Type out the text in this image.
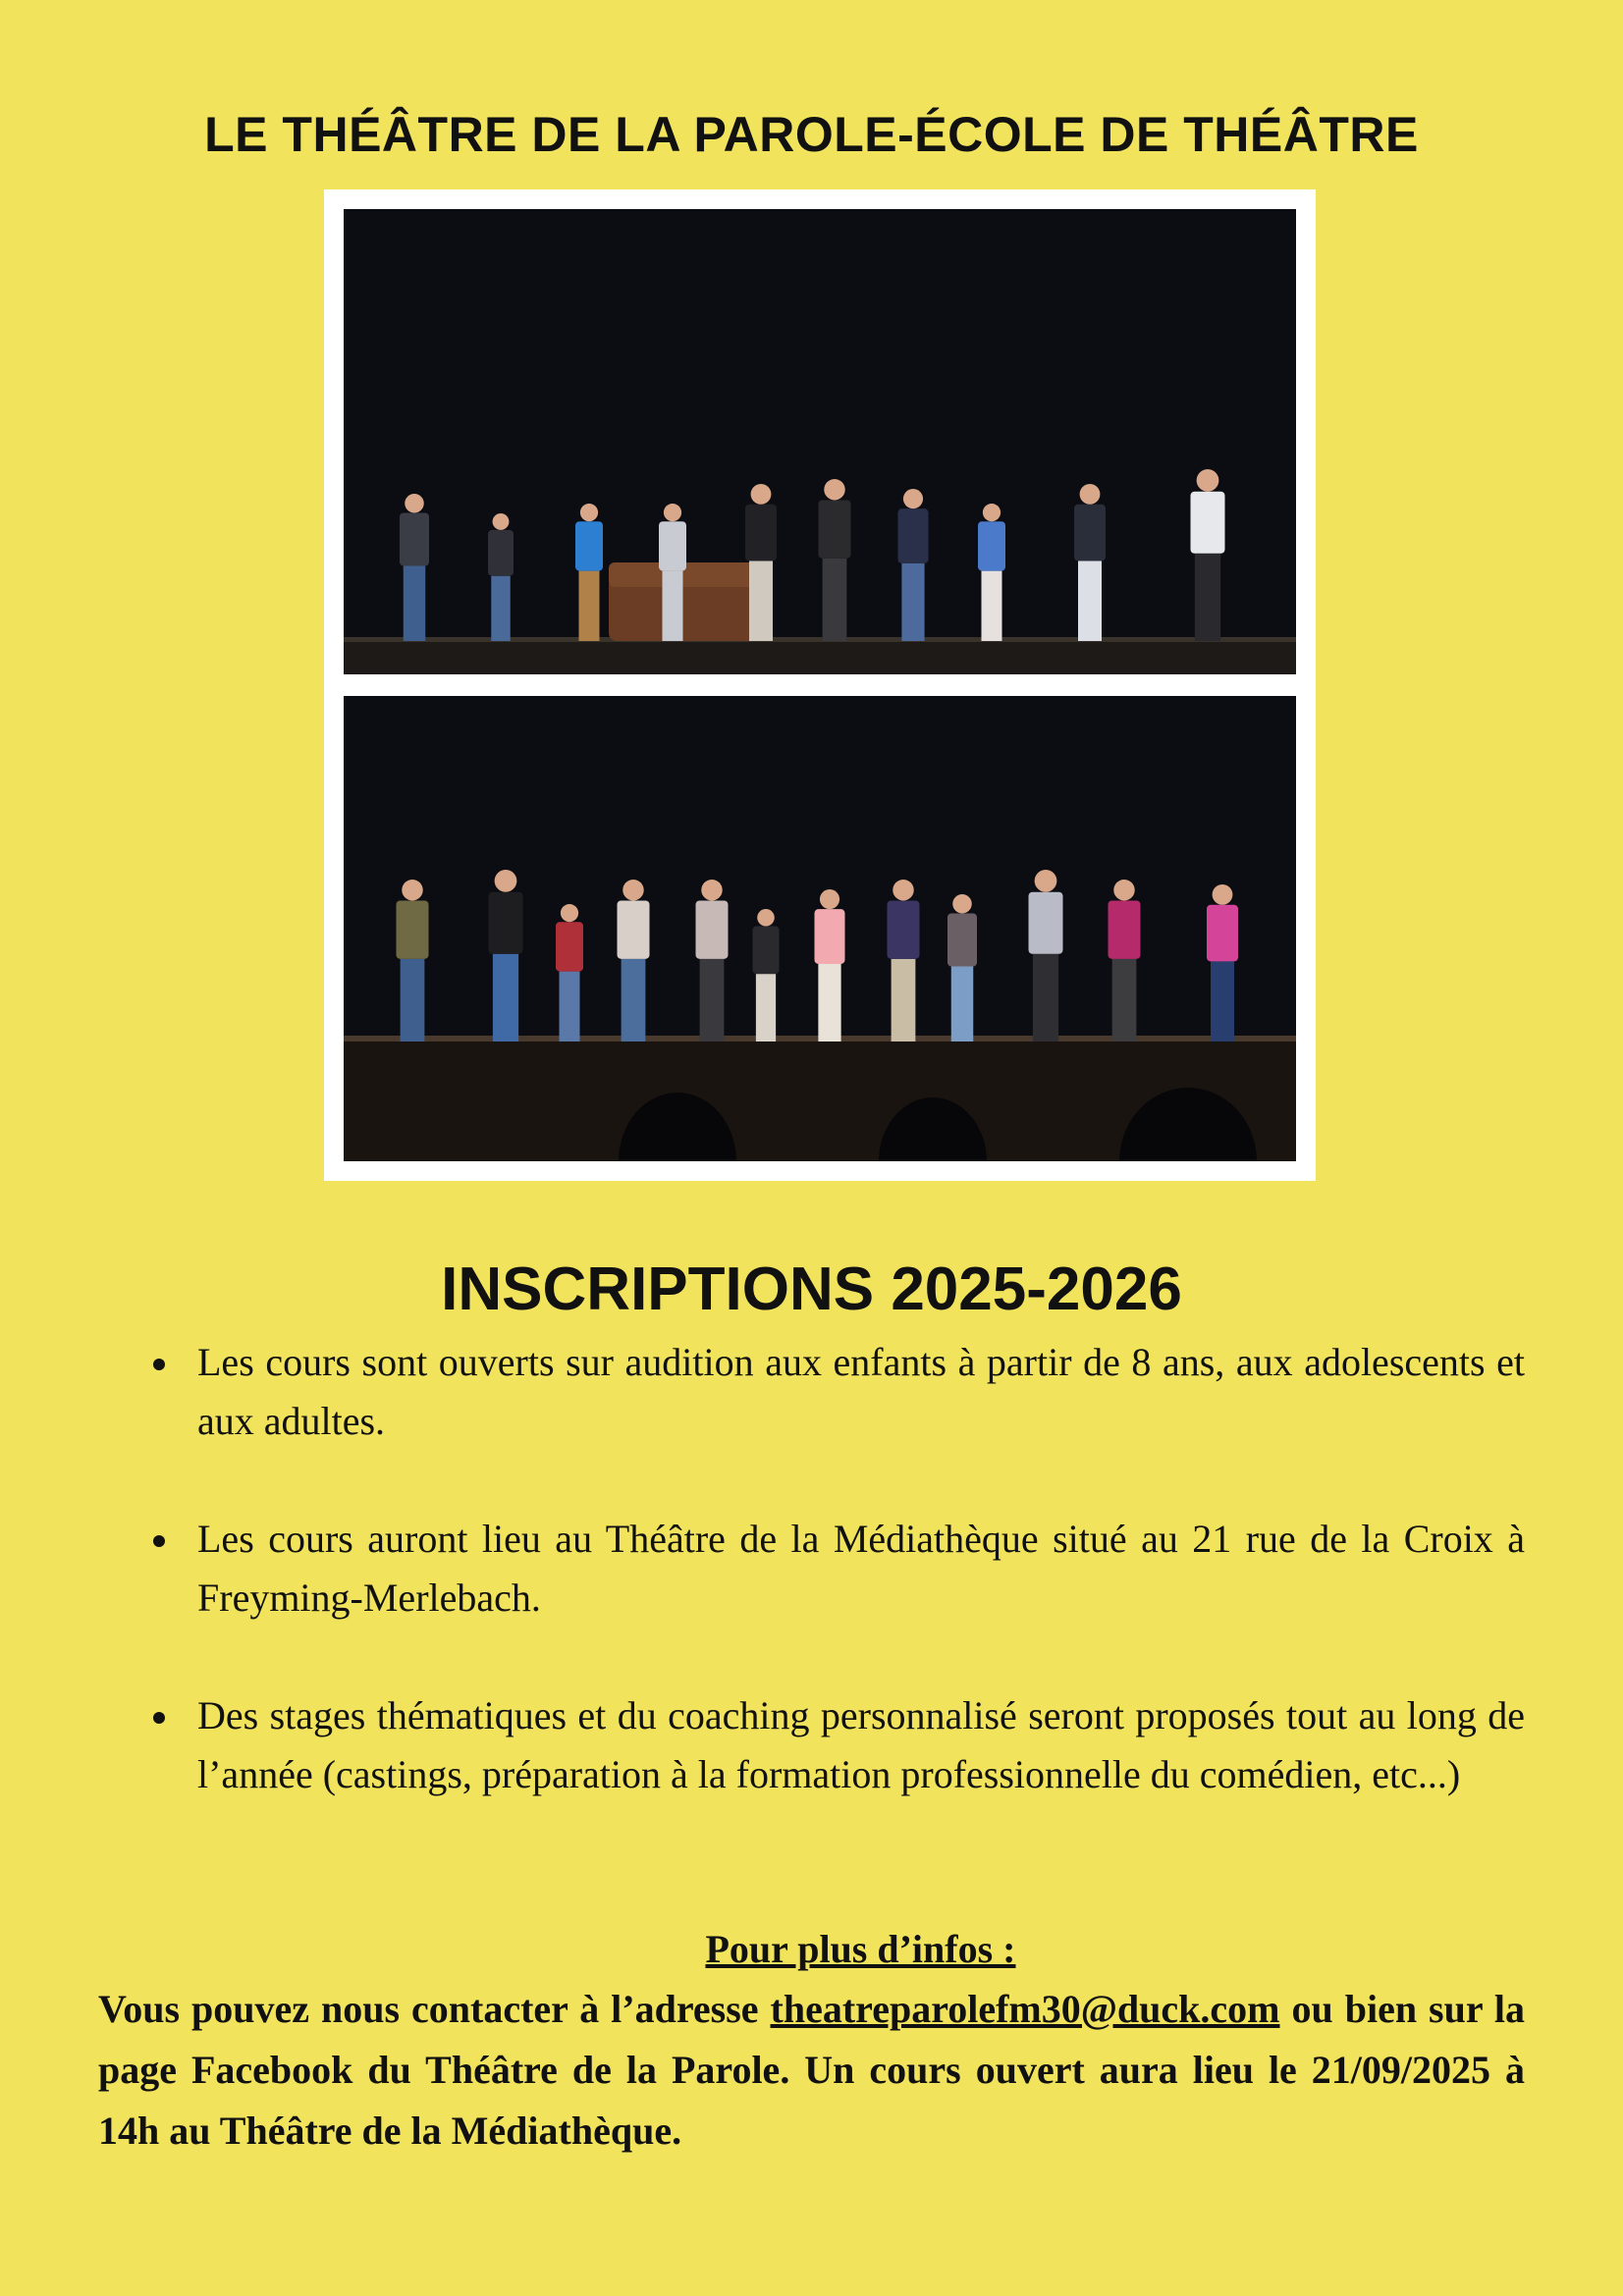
LE THÉÂTRE DE LA PAROLE-ÉCOLE DE THÉÂTRE
INSCRIPTIONS 2025-2026
Les cours sont ouverts sur audition aux enfants à partir de 8 ans, aux adolescents et aux adultes.
Les cours auront lieu au Théâtre de la Médiathèque situé au 21 rue de la Croix à Freyming-Merlebach.
Des stages thématiques et du coaching personnalisé seront proposés tout au long de l’année (castings, préparation à la formation professionnelle du comédien, etc...)

Pour plus d’infos :

Vous pouvez nous contacter à l’adresse theatreparolefm30@duck.com ou bien sur la page Facebook du Théâtre de la Parole. Un cours ouvert aura lieu le 21/09/2025 à 14h au Théâtre de la Médiathèque.
